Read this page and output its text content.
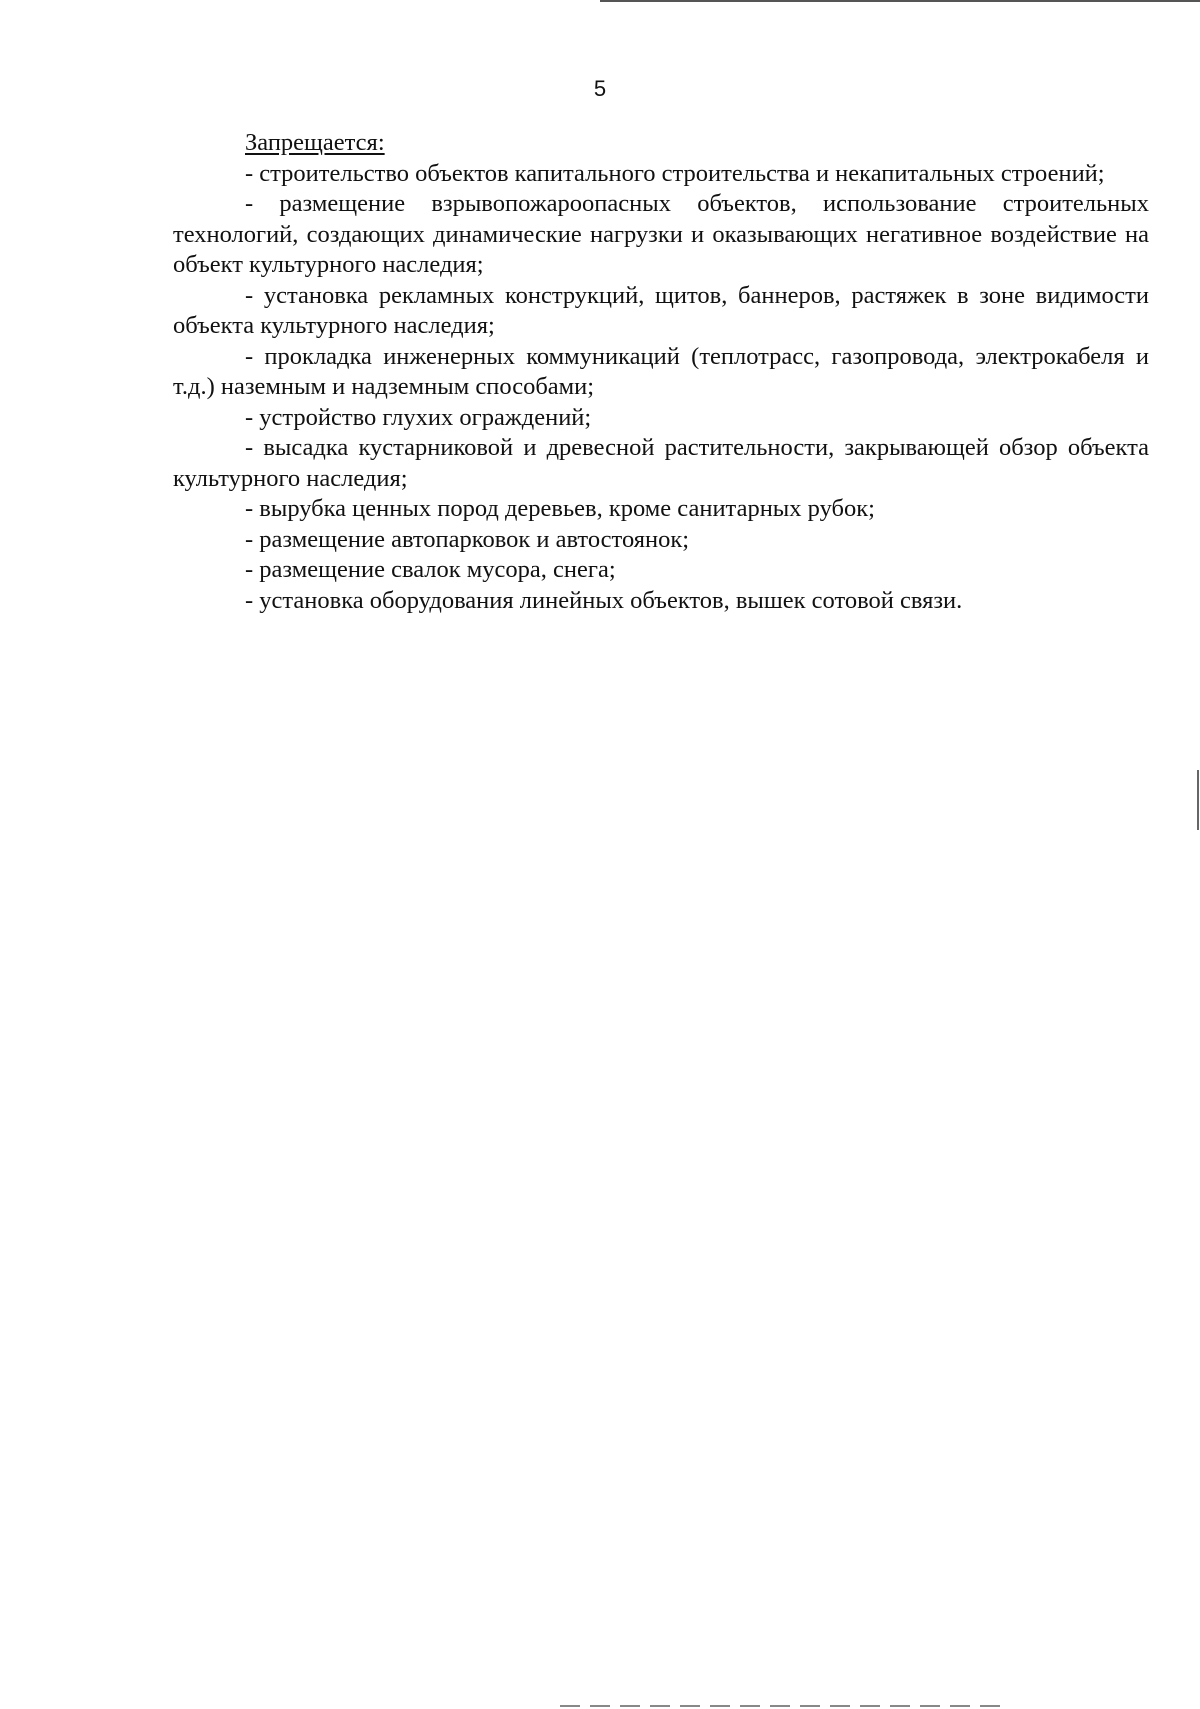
5

Запрещается:

- строительство объектов капитального строительства и некапитальных строений;

- размещение взрывопожароопасных объектов, использование строительных технологий, создающих динамические нагрузки и оказывающих негативное воздействие на объект культурного наследия;

- установка рекламных конструкций, щитов, баннеров, растяжек в зоне видимости объекта культурного наследия;

- прокладка инженерных коммуникаций (теплотрасс, газопровода, электрокабеля и т.д.) наземным и надземным способами;

- устройство глухих ограждений;

- высадка кустарниковой и древесной растительности, закрывающей обзор объекта культурного наследия;

- вырубка ценных пород деревьев, кроме санитарных рубок;

- размещение автопарковок и автостоянок;

- размещение свалок мусора, снега;

- установка оборудования линейных объектов, вышек сотовой связи.
